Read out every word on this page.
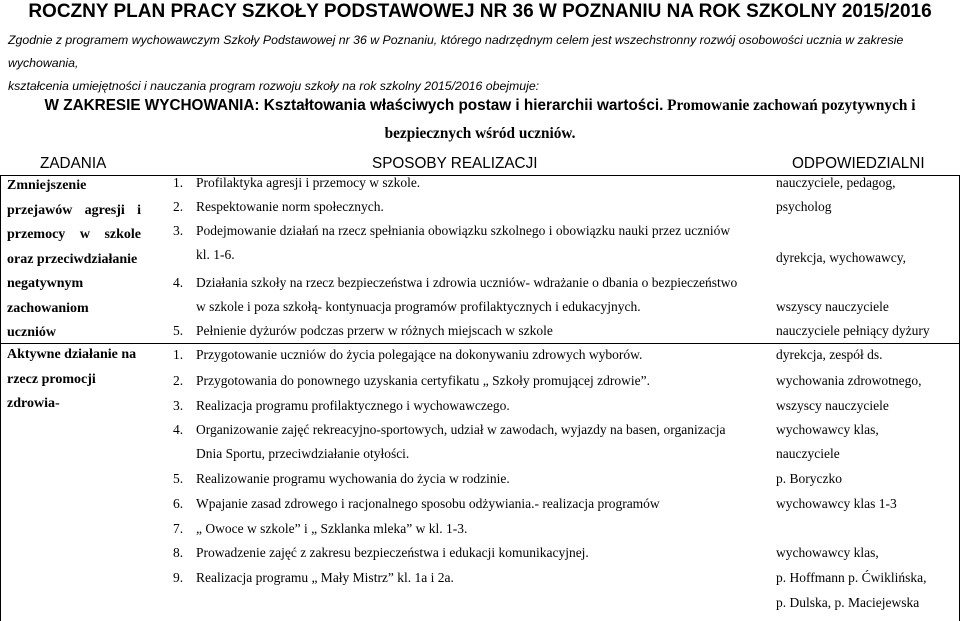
ROCZNY PLAN PRACY SZKOŁY PODSTAWOWEJ NR 36 W POZNANIU NA ROK SZKOLNY 2015/2016
Zgodnie z programem wychowawczym Szkoły Podstawowej nr 36 w Poznaniu, którego nadrzędnym celem jest wszechstronny rozwój osobowości ucznia w zakresie wychowania,
kształcenia umiejętności i nauczania program rozwoju szkoły na rok szkolny 2015/2016 obejmuje:
W ZAKRESIE WYCHOWANIA: Kształtowania właściwych postaw i hierarchii wartości. Promowanie zachowań pozytywnych i
bezpiecznych wśród uczniów.
ZADANIA	SPOSOBY REALIZACJI	ODPOWIEDZIALNI
Zmniejszenie
przejawów agresji i
przemocy w szkole
oraz przeciwdziałanie
negatywnym
zachowaniom
uczniów
1. Profilaktyka agresji i przemocy w szkole.
2. Respektowanie norm społecznych.
3. Podejmowanie działań na rzecz spełniania obowiązku szkolnego i obowiązku nauki przez uczniów
kl. 1-6.
4. Działania szkoły na rzecz bezpieczeństwa i zdrowia uczniów- wdrażanie o dbania o bezpieczeństwo
w szkole i poza szkołą- kontynuacja programów profilaktycznych i edukacyjnych.
5. Pełnienie dyżurów podczas przerw w różnych miejscach w szkole
nauczyciele, pedagog,
psycholog
dyrekcja, wychowawcy,
wszyscy nauczyciele
nauczyciele pełniący dyżury
Aktywne działanie na
rzecz promocji
zdrowia-
1. Przygotowanie uczniów do życia polegające na dokonywaniu zdrowych wyborów.
2. Przygotowania do ponownego uzyskania certyfikatu „ Szkoły promującej zdrowie”.
3. Realizacja programu profilaktycznego i wychowawczego.
4. Organizowanie zajęć rekreacyjno-sportowych, udział w zawodach, wyjazdy na basen, organizacja
Dnia Sportu, przeciwdziałanie otyłości.
5. Realizowanie programu wychowania do życia w rodzinie.
6. Wpajanie zasad zdrowego i racjonalnego sposobu odżywiania.- realizacja programów
7. „ Owoce w szkole” i „ Szklanka mleka” w kl. 1-3.
8. Prowadzenie zajęć z zakresu bezpieczeństwa i edukacji komunikacyjnej.
9. Realizacja programu „ Mały Mistrz” kl. 1a i 2a.
dyrekcja, zespół ds.
wychowania zdrowotnego,
wszyscy nauczyciele
wychowawcy klas,
nauczyciele
p. Boryczko
wychowawcy klas 1-3
wychowawcy klas,
p. Hoffmann p. Ćwiklińska,
p. Dulska, p. Maciejewska
